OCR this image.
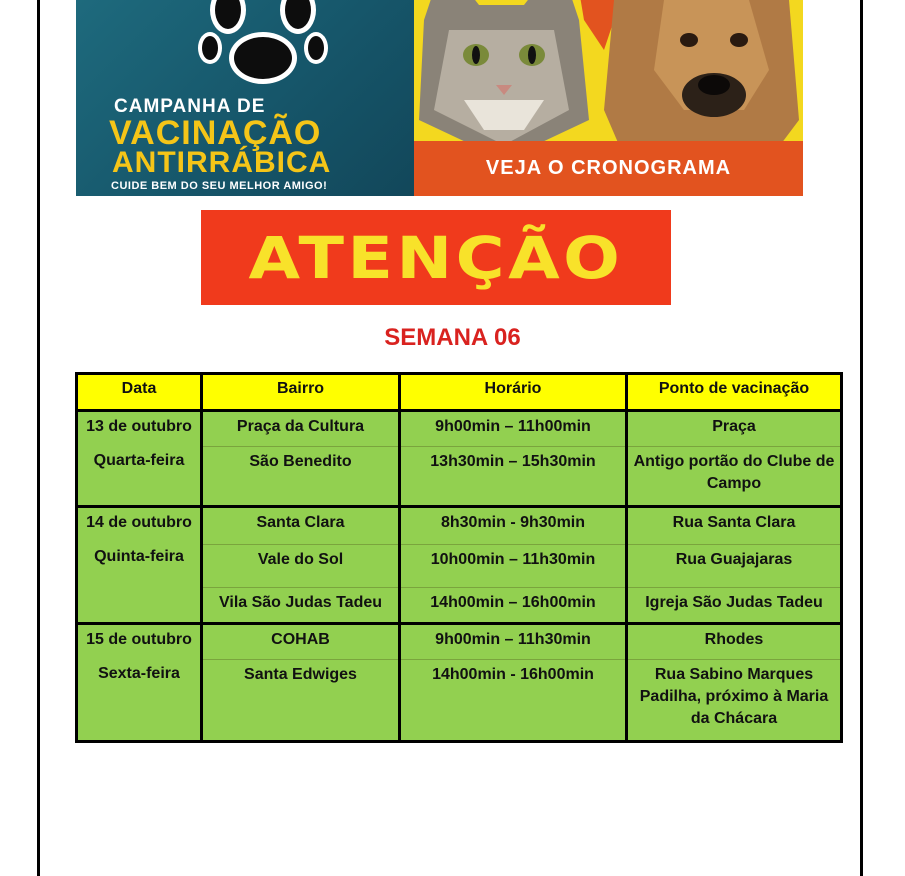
CAMPANHA DE
VACINAÇÃO
ANTIRRÁBICA
CUIDE BEM DO SEU MELHOR AMIGO!
VEJA O CRONOGRAMA
ATENÇÃO
SEMANA 06
Data	Bairro	Horário	Ponto de vacinação
13 de outubro
Quarta-feira	Praça da Cultura	9h00min – 11h00min	Praça
	São Benedito	13h30min – 15h30min	Antigo portão do Clube de Campo
14 de outubro
Quinta-feira	Santa Clara	8h30min - 9h30min	Rua Santa Clara
	Vale do Sol	10h00min – 11h30min	Rua Guajajaras
	Vila São Judas Tadeu	14h00min – 16h00min	Igreja São Judas Tadeu
15 de outubro
Sexta-feira	COHAB	9h00min – 11h30min	Rhodes
	Santa Edwiges	14h00min - 16h00min	Rua Sabino Marques Padilha, próximo à Maria da Chácara
